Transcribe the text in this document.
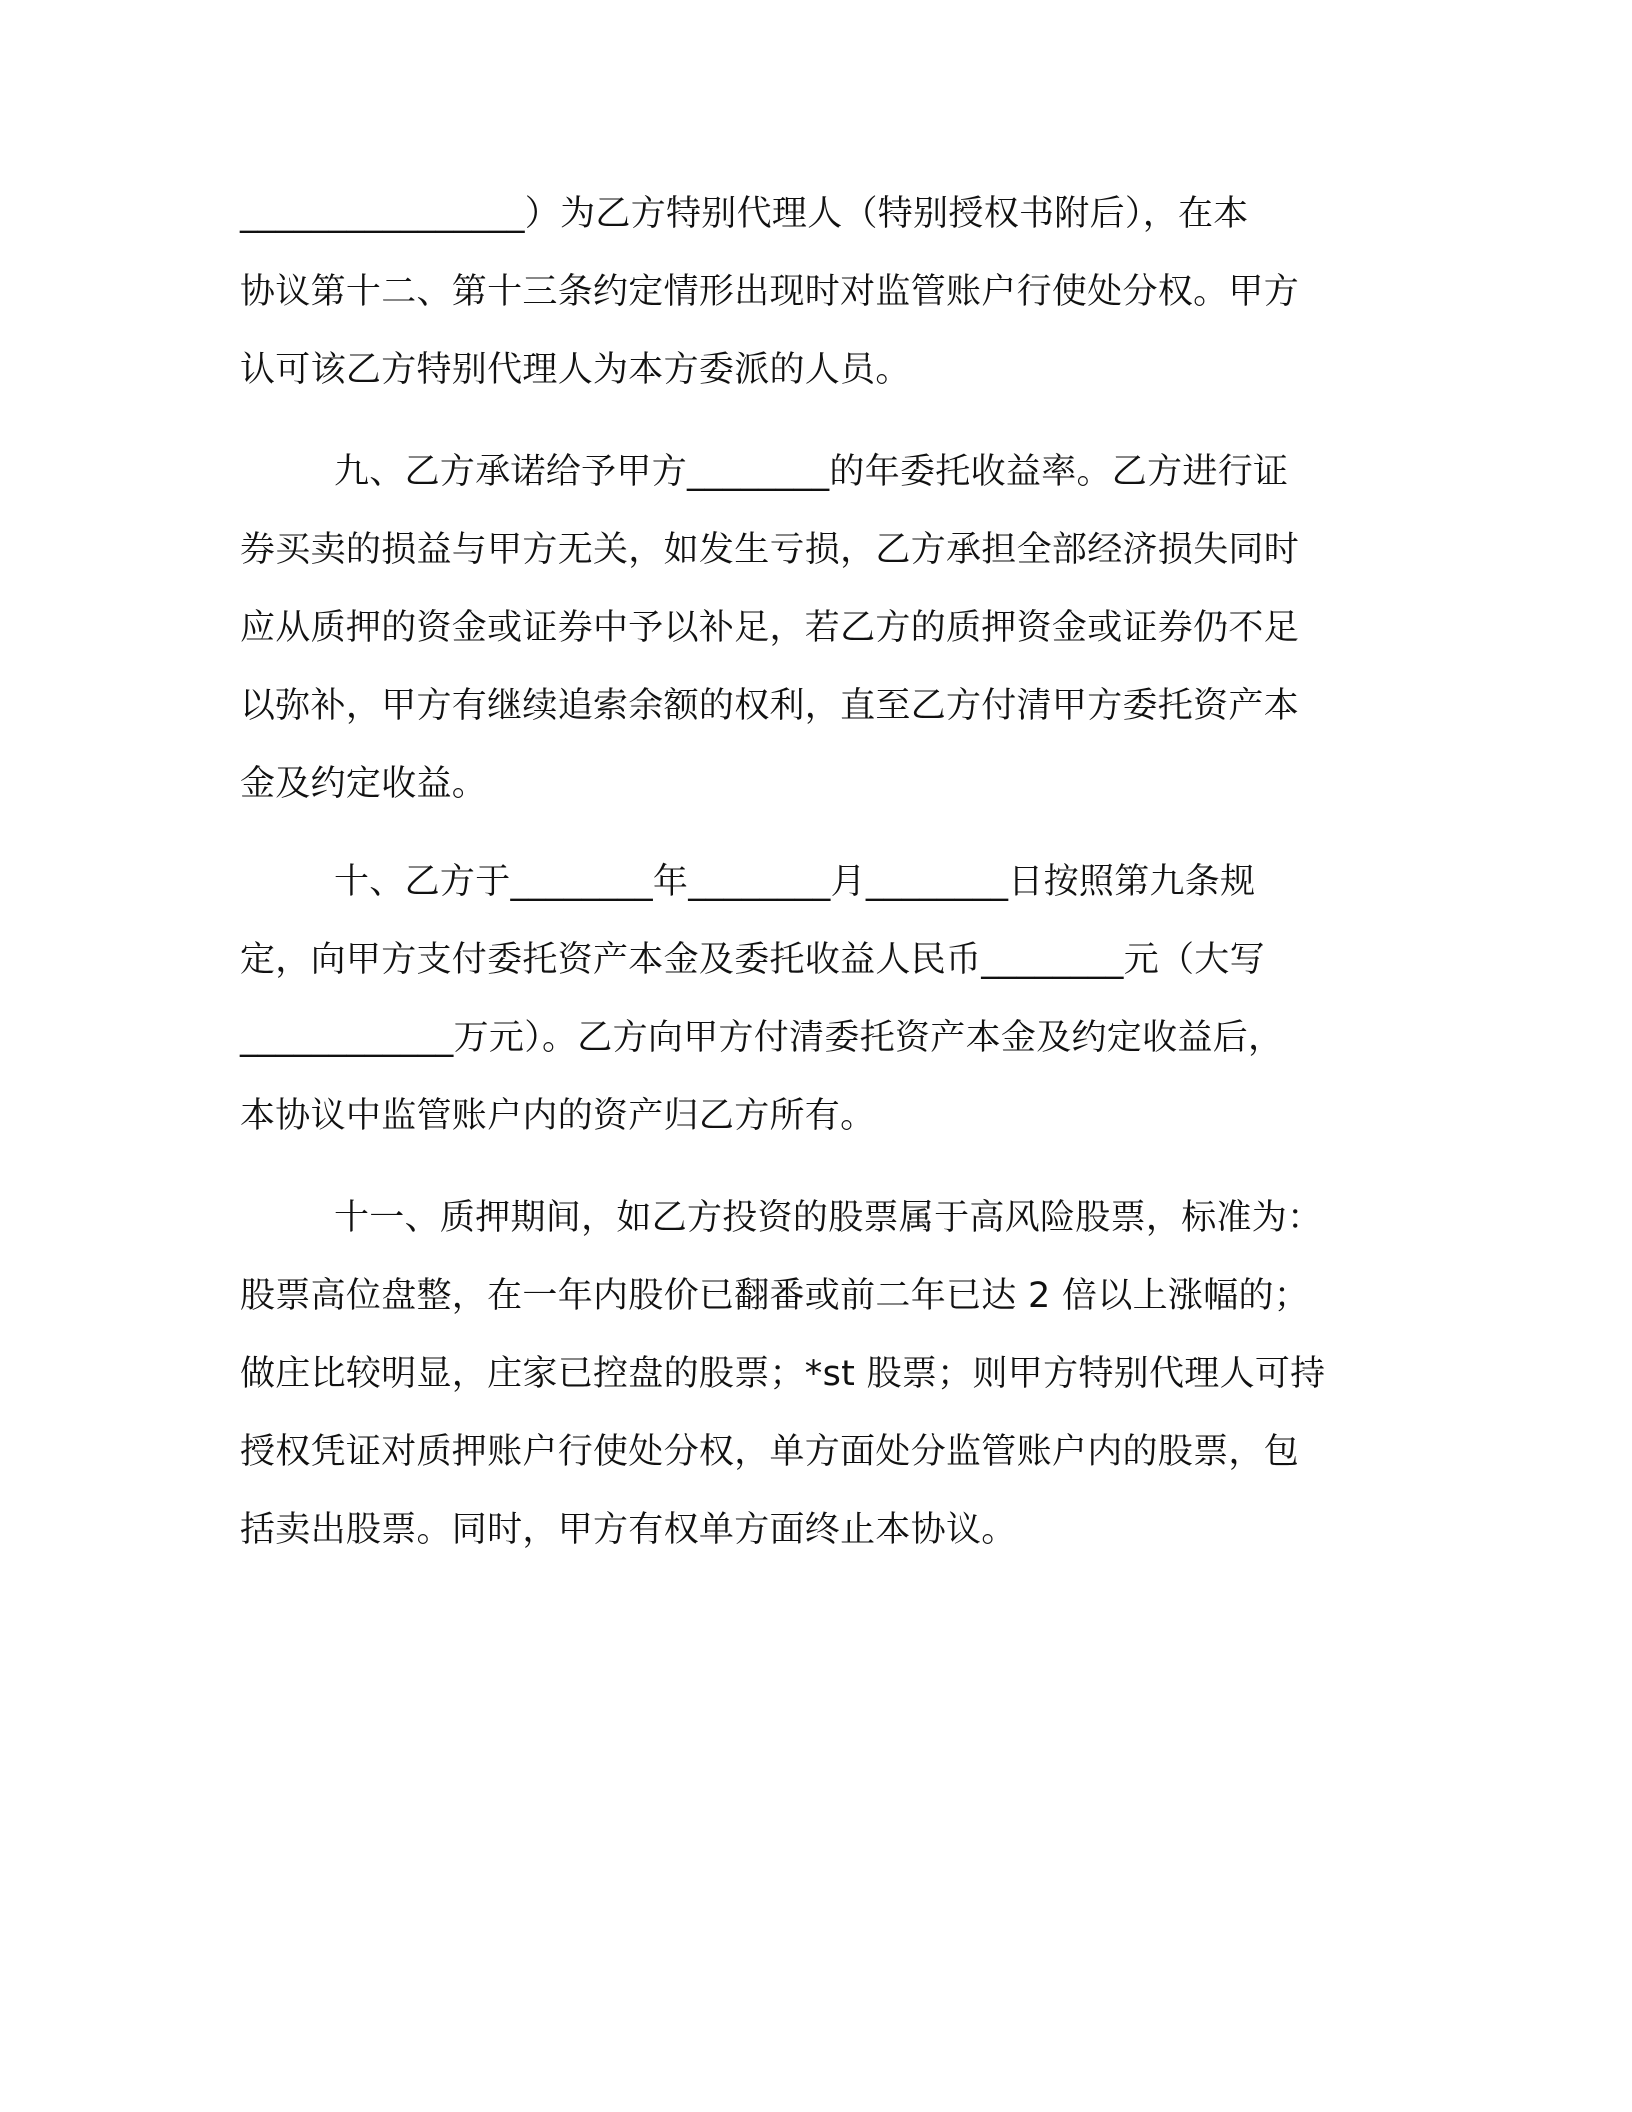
________________）为乙方特别代理人（特别授权书附后），在本
协议第十二、第十三条约定情形出现时对监管账户行使处分权。甲方
认可该乙方特别代理人为本方委派的人员。
九、乙方承诺给予甲方________的年委托收益率。乙方进行证
券买卖的损益与甲方无关，如发生亏损，乙方承担全部经济损失同时
应从质押的资金或证券中予以补足，若乙方的质押资金或证券仍不足
以弥补，甲方有继续追索余额的权利，直至乙方付清甲方委托资产本
金及约定收益。
十、乙方于________年________月________日按照第九条规
定，向甲方支付委托资产本金及委托收益人民币________元（大写
____________万元）。乙方向甲方付清委托资产本金及约定收益后，
本协议中监管账户内的资产归乙方所有。
十一、质押期间，如乙方投资的股票属于高风险股票，标准为：
股票高位盘整，在一年内股价已翻番或前二年已达 2 倍以上涨幅的；
做庄比较明显，庄家已控盘的股票；*st 股票；则甲方特别代理人可持
授权凭证对质押账户行使处分权，单方面处分监管账户内的股票，包
括卖出股票。同时，甲方有权单方面终止本协议。
